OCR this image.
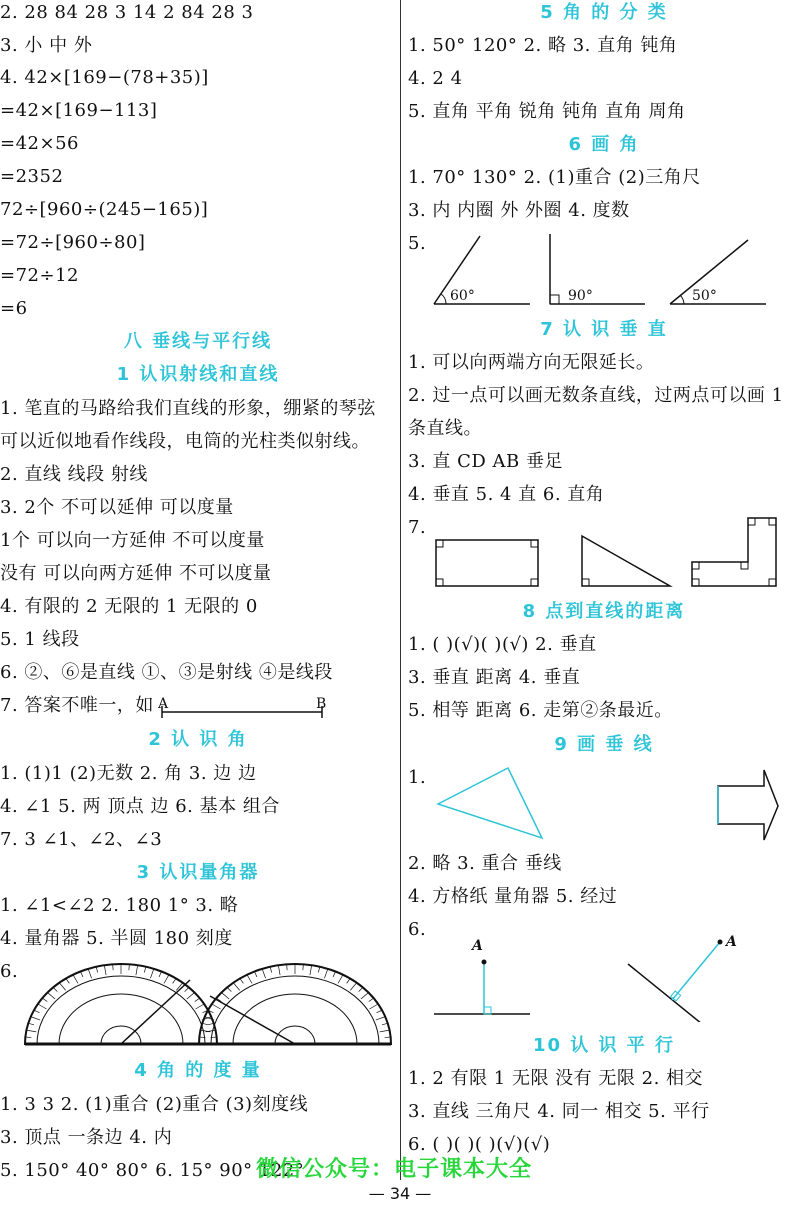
八 垂线与平行线
1 认识射线和直线
2 认 识 角
3 认识量角器
4 角 的 度 量
2. 28 84 28 3 14 2 84 28 3
3. 小 中 外
4. 42×[169−(78+35)]
=42×[169−113]
=42×56
=2352
72÷[960÷(245−165)]
=72÷[960÷80]
=72÷12
=6
1. 笔直的马路给我们直线的形象，绷紧的琴弦
可以近似地看作线段，电筒的光柱类似射线。
2. 直线 线段 射线
3. 2个 不可以延伸 可以度量
1个 可以向一方延伸 不可以度量
没有 可以向两方延伸 不可以度量
4. 有限的 2 无限的 1 无限的 0
5. 1 线段
6. ②、⑥是直线 ①、③是射线 ④是线段
7. 答案不唯一，如
1. (1)1 (2)无数 2. 角 3. 边 边
4. ∠1 5. 两 顶点 边 6. 基本 组合
7. 3 ∠1、∠2、∠3
1. ∠1<∠2 2. 180 1° 3. 略
4. 量角器 5. 半圆 180 刻度
6.
1. 3 3 2. (1)重合 (2)重合 (3)刻度线
3. 顶点 一条边 4. 内
5. 150° 40° 80° 6. 15° 90° 122°
5 角 的 分 类
6 画 角
7 认 识 垂 直
8 点到直线的距离
9 画 垂 线
10 认 识 平 行
1. 50° 120° 2. 略 3. 直角 钝角
4. 2 4
5. 直角 平角 锐角 钝角 直角 周角
1. 70° 130° 2. (1)重合 (2)三角尺
3. 内 内圈 外 外圈 4. 度数
5.
1. 可以向两端方向无限延长。
2. 过一点可以画无数条直线，过两点可以画 1
条直线。
3. 直 CD AB 垂足
4. 垂直 5. 4 直 6. 直角
7.
1. ( )(√)( )(√) 2. 垂直
3. 垂直 距离 4. 垂直
5. 相等 距离 6. 走第②条最近。
1.
2. 略 3. 重合 垂线
4. 方格纸 量角器 5. 经过
6.
1. 2 有限 1 无限 没有 无限 2. 相交
3. 直线 三角尺 4. 同一 相交 5. 平行
6. ( )( )( )(√)(√)
A	B
60°	90°	50°
A	A
微信公众号：电子课本大全
— 34 —
